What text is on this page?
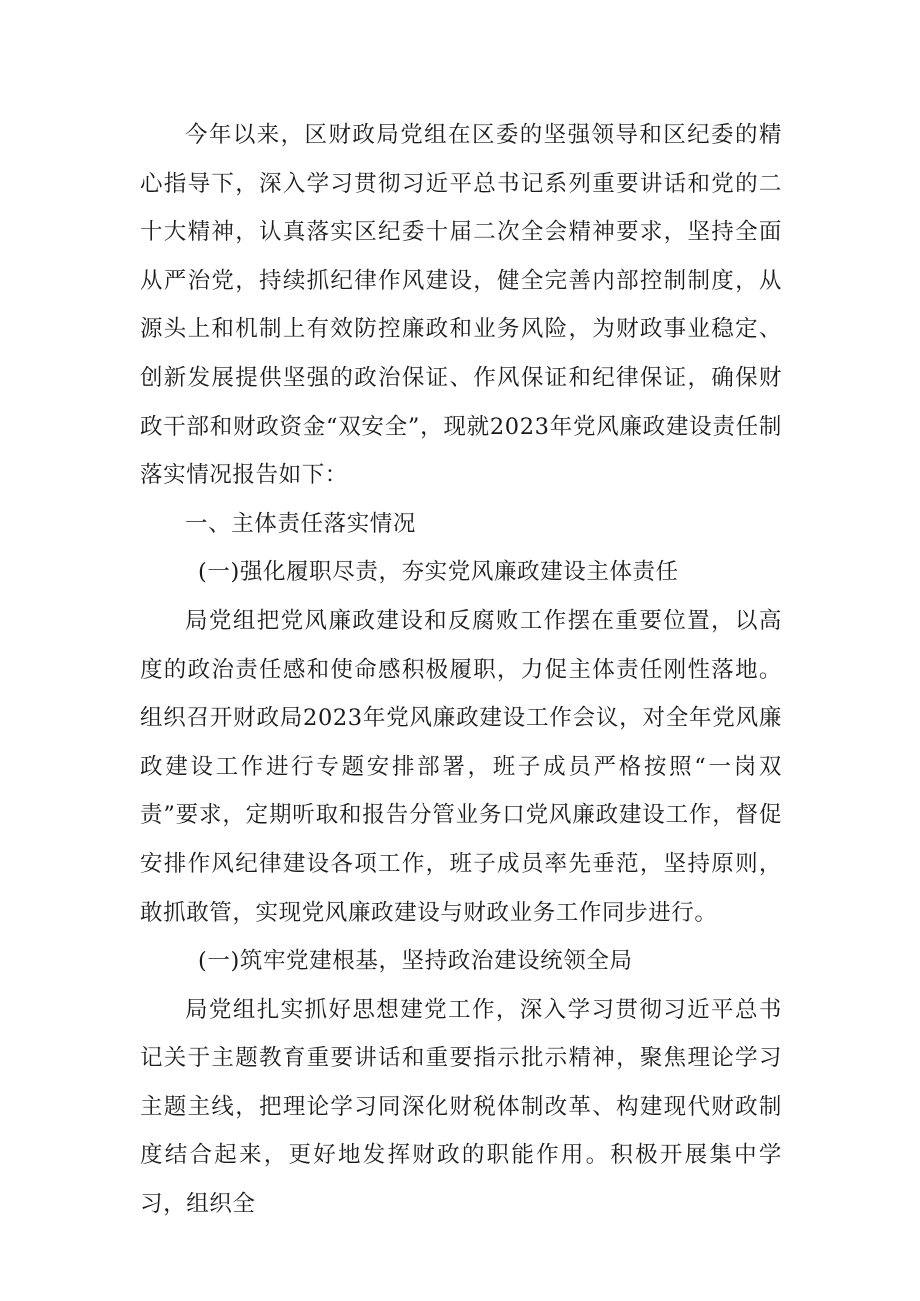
今年以来，区财政局党组在区委的坚强领导和区纪委的精心指导下，深入学习贯彻习近平总书记系列重要讲话和党的二十大精神，认真落实区纪委十届二次全会精神要求，坚持全面从严治党，持续抓纪律作风建设，健全完善内部控制制度，从源头上和机制上有效防控廉政和业务风险，为财政事业稳定、创新发展提供坚强的政治保证、作风保证和纪律保证，确保财政干部和财政资金“双安全”，现就2023年党风廉政建设责任制落实情况报告如下：

一、主体责任落实情况

(一)强化履职尽责，夯实党风廉政建设主体责任

局党组把党风廉政建设和反腐败工作摆在重要位置，以高度的政治责任感和使命感积极履职，力促主体责任刚性落地。组织召开财政局2023年党风廉政建设工作会议，对全年党风廉政建设工作进行专题安排部署，班子成员严格按照“一岗双责”要求，定期听取和报告分管业务口党风廉政建设工作，督促安排作风纪律建设各项工作，班子成员率先垂范，坚持原则，敢抓敢管，实现党风廉政建设与财政业务工作同步进行。

(一)筑牢党建根基，坚持政治建设统领全局

局党组扎实抓好思想建党工作，深入学习贯彻习近平总书记关于主题教育重要讲话和重要指示批示精神，聚焦理论学习主题主线，把理论学习同深化财税体制改革、构建现代财政制度结合起来，更好地发挥财政的职能作用。积极开展集中学习，组织全
